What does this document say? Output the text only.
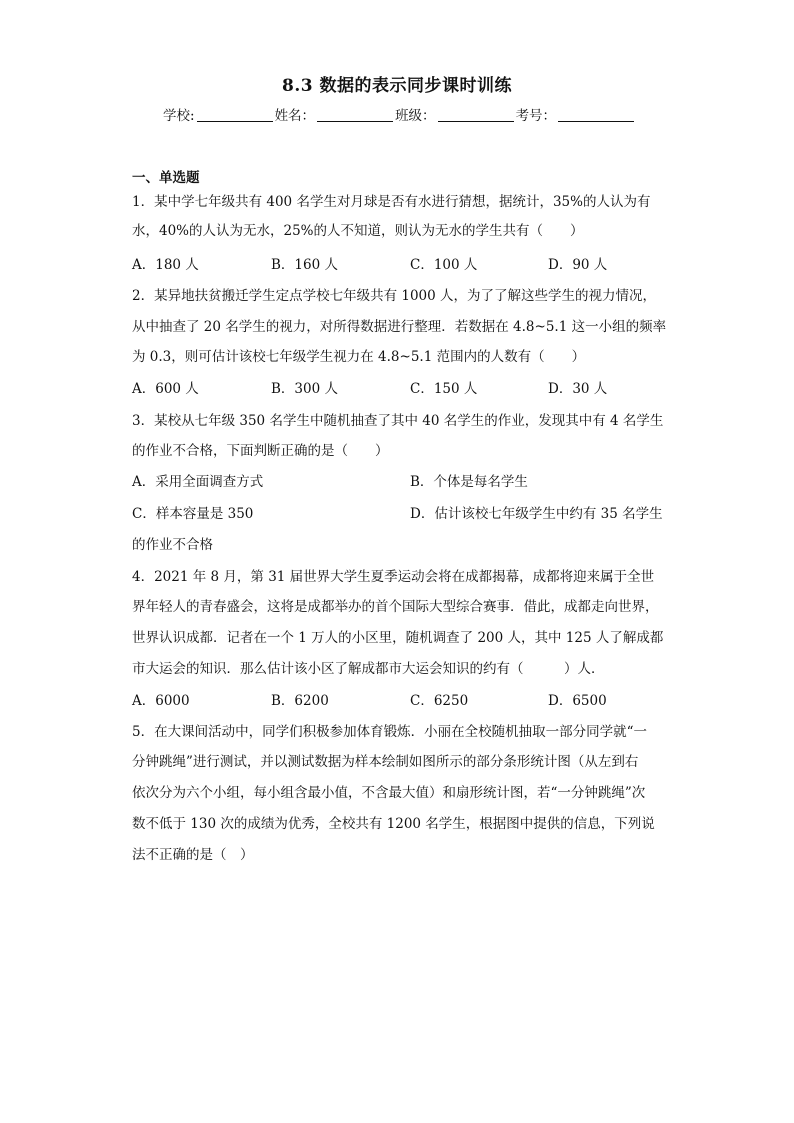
8.3 数据的表示同步课时训练
学校:	姓名：	班级：	考号：
一、单选题
1．某中学七年级共有 400 名学生对月球是否有水进行猜想，据统计，35%的人认为有
水，40%的人认为无水，25%的人不知道，则认为无水的学生共有（　　）
A．180 人	B．160 人	C．100 人	D．90 人
2．某异地扶贫搬迁学生定点学校七年级共有 1000 人，为了了解这些学生的视力情况，
从中抽查了 20 名学生的视力，对所得数据进行整理．若数据在 4.8~5.1 这一小组的频率
为 0.3，则可估计该校七年级学生视力在 4.8~5.1 范围内的人数有（　　）
A．600 人	B．300 人	C．150 人	D．30 人
3．某校从七年级 350 名学生中随机抽查了其中 40 名学生的作业，发现其中有 4 名学生
的作业不合格，下面判断正确的是（　　）
A．采用全面调查方式	B．个体是每名学生
C．样本容量是 350	D．估计该校七年级学生中约有 35 名学生
的作业不合格
4．2021 年 8 月，第 31 届世界大学生夏季运动会将在成都揭幕，成都将迎来属于全世
界年轻人的青春盛会，这将是成都举办的首个国际大型综合赛事．借此，成都走向世界，
世界认识成都．记者在一个 1 万人的小区里，随机调查了 200 人，其中 125 人了解成都
市大运会的知识．那么估计该小区了解成都市大运会知识的约有（　　　）人．
A．6000	B．6200	C．6250	D．6500
5．在大课间活动中，同学们积极参加体育锻炼．小丽在全校随机抽取一部分同学就“一
分钟跳绳”进行测试，并以测试数据为样本绘制如图所示的部分条形统计图（从左到右
依次分为六个小组，每小组含最小值，不含最大值）和扇形统计图，若“一分钟跳绳”次
数不低于 130 次的成绩为优秀，全校共有 1200 名学生，根据图中提供的信息，下列说
法不正确的是（　）
